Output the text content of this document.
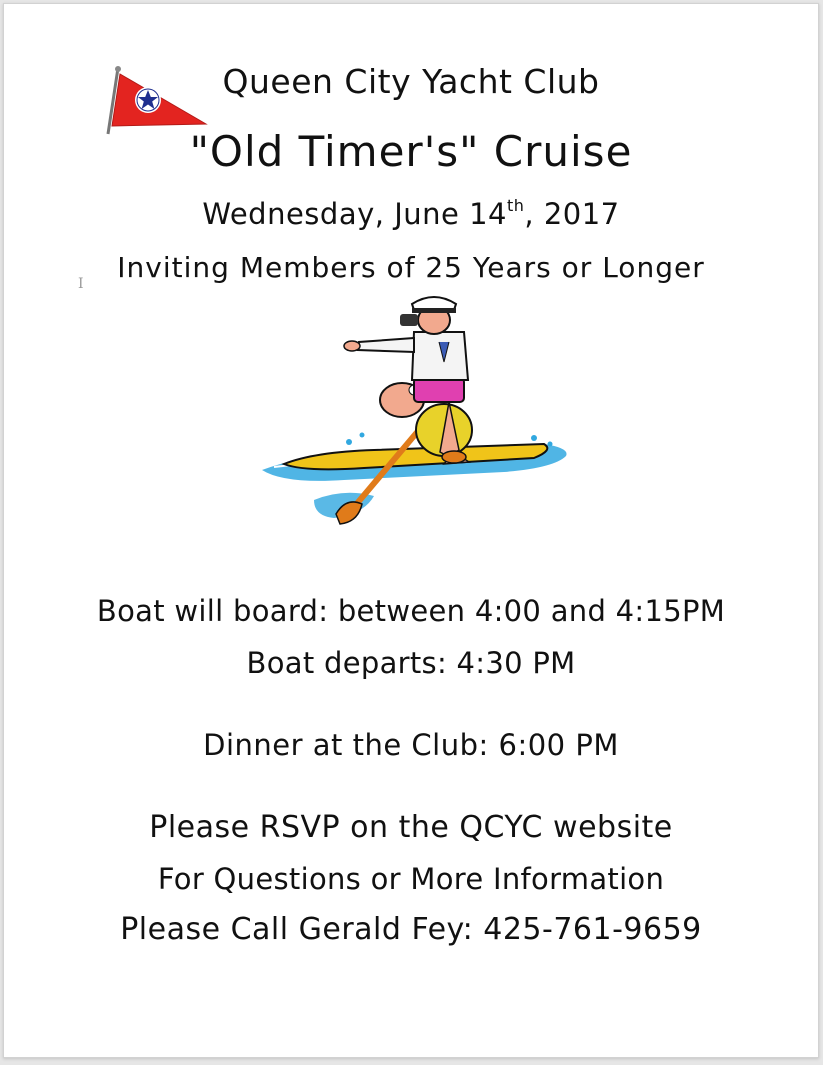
Queen City Yacht Club
"Old Timer's" Cruise
Wednesday, June 14th, 2017
Inviting Members of 25 Years or Longer
I
Boat will board: between 4:00 and 4:15PM
Boat departs: 4:30 PM
Dinner at the Club: 6:00 PM
Please RSVP on the QCYC website
For Questions or More Information
Please Call Gerald Fey: 425-761-9659
